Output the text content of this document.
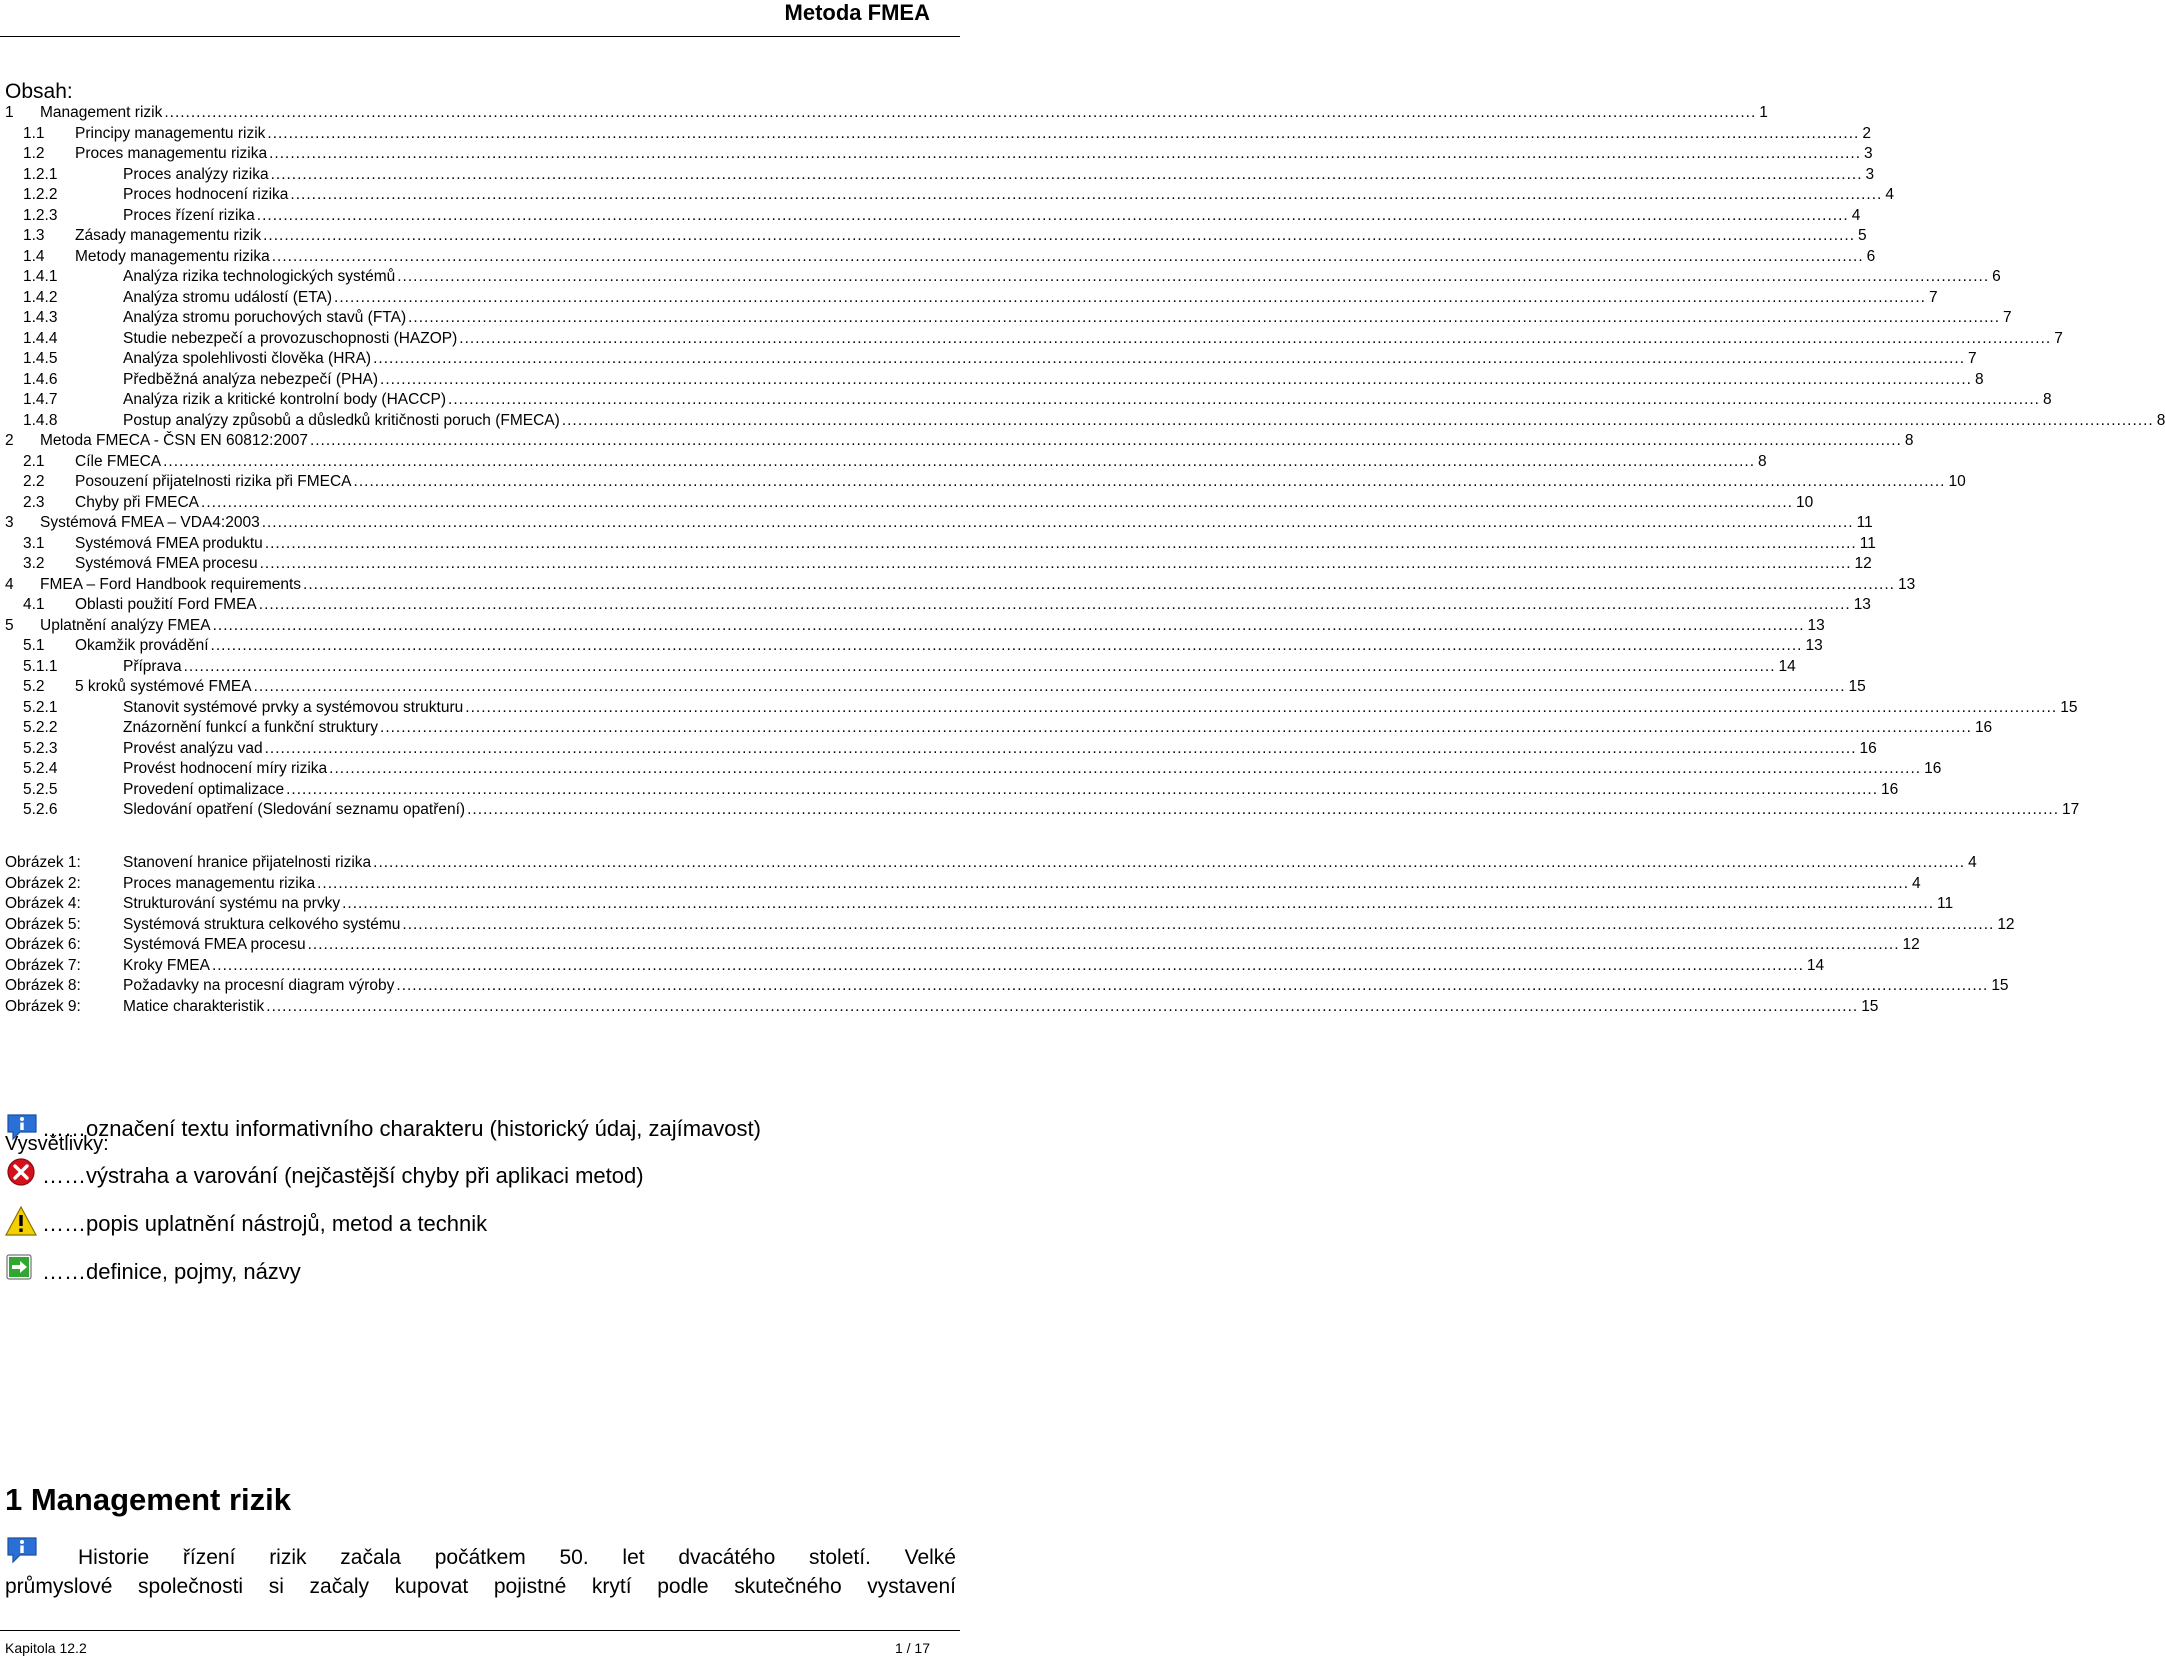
Metoda FMEA
Obsah:
1 Management rizik ............................................................................................................................................................................................................................................................................................................ 1
1.1 Principy managementu rizik ............................................................................................................................................................................................................................................................................................................ 2
1.2 Proces managementu rizika ............................................................................................................................................................................................................................................................................................................ 3
1.2.1	Proces analýzy rizika ............................................................................................................................................................................................................................................................................................................ 3
1.2.2	Proces hodnocení rizika ............................................................................................................................................................................................................................................................................................................ 4
1.2.3	Proces řízení rizika ............................................................................................................................................................................................................................................................................................................ 4
1.3 Zásady managementu rizik ............................................................................................................................................................................................................................................................................................................ 5
1.4 Metody managementu rizika ............................................................................................................................................................................................................................................................................................................ 6
1.4.1	Analýza rizika technologických systémů ............................................................................................................................................................................................................................................................................................................ 6
1.4.2	Analýza stromu událostí (ETA) ............................................................................................................................................................................................................................................................................................................ 7
1.4.3	Analýza stromu poruchových stavů (FTA) ............................................................................................................................................................................................................................................................................................................ 7
1.4.4	Studie nebezpečí a provozuschopnosti (HAZOP) ............................................................................................................................................................................................................................................................................................................ 7
1.4.5	Analýza spolehlivosti člověka (HRA) ............................................................................................................................................................................................................................................................................................................ 7
1.4.6	Předběžná analýza nebezpečí (PHA) ............................................................................................................................................................................................................................................................................................................ 8
1.4.7	Analýza rizik a kritické kontrolní body (HACCP) ............................................................................................................................................................................................................................................................................................................ 8
1.4.8	Postup analýzy způsobů a důsledků kritičnosti poruch (FMECA) ............................................................................................................................................................................................................................................................................................................ 8
2 Metoda FMECA - ČSN EN 60812:2007 ............................................................................................................................................................................................................................................................................................................ 8
2.1 Cíle FMECA ............................................................................................................................................................................................................................................................................................................ 8
2.2 Posouzení přijatelnosti rizika při FMECA ............................................................................................................................................................................................................................................................................................................ 10
2.3 Chyby při FMECA ............................................................................................................................................................................................................................................................................................................ 10
3 Systémová FMEA – VDA4:2003 ............................................................................................................................................................................................................................................................................................................ 11
3.1 Systémová FMEA produktu ............................................................................................................................................................................................................................................................................................................ 11
3.2 Systémová FMEA procesu ............................................................................................................................................................................................................................................................................................................ 12
4 FMEA – Ford Handbook requirements ............................................................................................................................................................................................................................................................................................................ 13
4.1 Oblasti použití Ford FMEA ............................................................................................................................................................................................................................................................................................................ 13
5 Uplatnění analýzy FMEA ............................................................................................................................................................................................................................................................................................................ 13
5.1 Okamžik provádění ............................................................................................................................................................................................................................................................................................................ 13
5.1.1	Příprava ............................................................................................................................................................................................................................................................................................................ 14
5.2 5 kroků systémové FMEA ............................................................................................................................................................................................................................................................................................................ 15
5.2.1	Stanovit systémové prvky a systémovou strukturu ............................................................................................................................................................................................................................................................................................................ 15
5.2.2	Znázornění funkcí a funkční struktury ............................................................................................................................................................................................................................................................................................................ 16
5.2.3	Provést analýzu vad ............................................................................................................................................................................................................................................................................................................ 16
5.2.4	Provést hodnocení míry rizika ............................................................................................................................................................................................................................................................................................................ 16
5.2.5	Provedení optimalizace ............................................................................................................................................................................................................................................................................................................ 16
5.2.6	Sledování opatření (Sledování seznamu opatření) ............................................................................................................................................................................................................................................................................................................ 17
Obrázek 1:	Stanovení hranice přijatelnosti rizika ............................................................................................................................................................................................................................................................................................................ 4
Obrázek 2:	Proces managementu rizika ............................................................................................................................................................................................................................................................................................................ 4
Obrázek 4:	Strukturování systému na prvky ............................................................................................................................................................................................................................................................................................................ 11
Obrázek 5:	Systémová struktura celkového systému ............................................................................................................................................................................................................................................................................................................ 12
Obrázek 6:	Systémová FMEA procesu ............................................................................................................................................................................................................................................................................................................ 12
Obrázek 7:	Kroky FMEA ............................................................................................................................................................................................................................................................................................................ 14
Obrázek 8:	Požadavky na procesní diagram výroby ............................................................................................................................................................................................................................................................................................................ 15
Obrázek 9:	Matice charakteristik ............................................................................................................................................................................................................................................................................................................ 15
Vysvětlivky:
……označení textu informativního charakteru (historický údaj, zajímavost)
……výstraha a varování (nejčastější chyby při aplikaci metod)
……popis uplatnění nástrojů, metod a technik
……definice, pojmy, názvy
1 Management rizik
Historie řízení rizik začala počátkem 50. let dvacátého století. Velké
průmyslové společnosti si začaly kupovat pojistné krytí podle skutečného vystavení
Kapitola 12.2	1 / 17
